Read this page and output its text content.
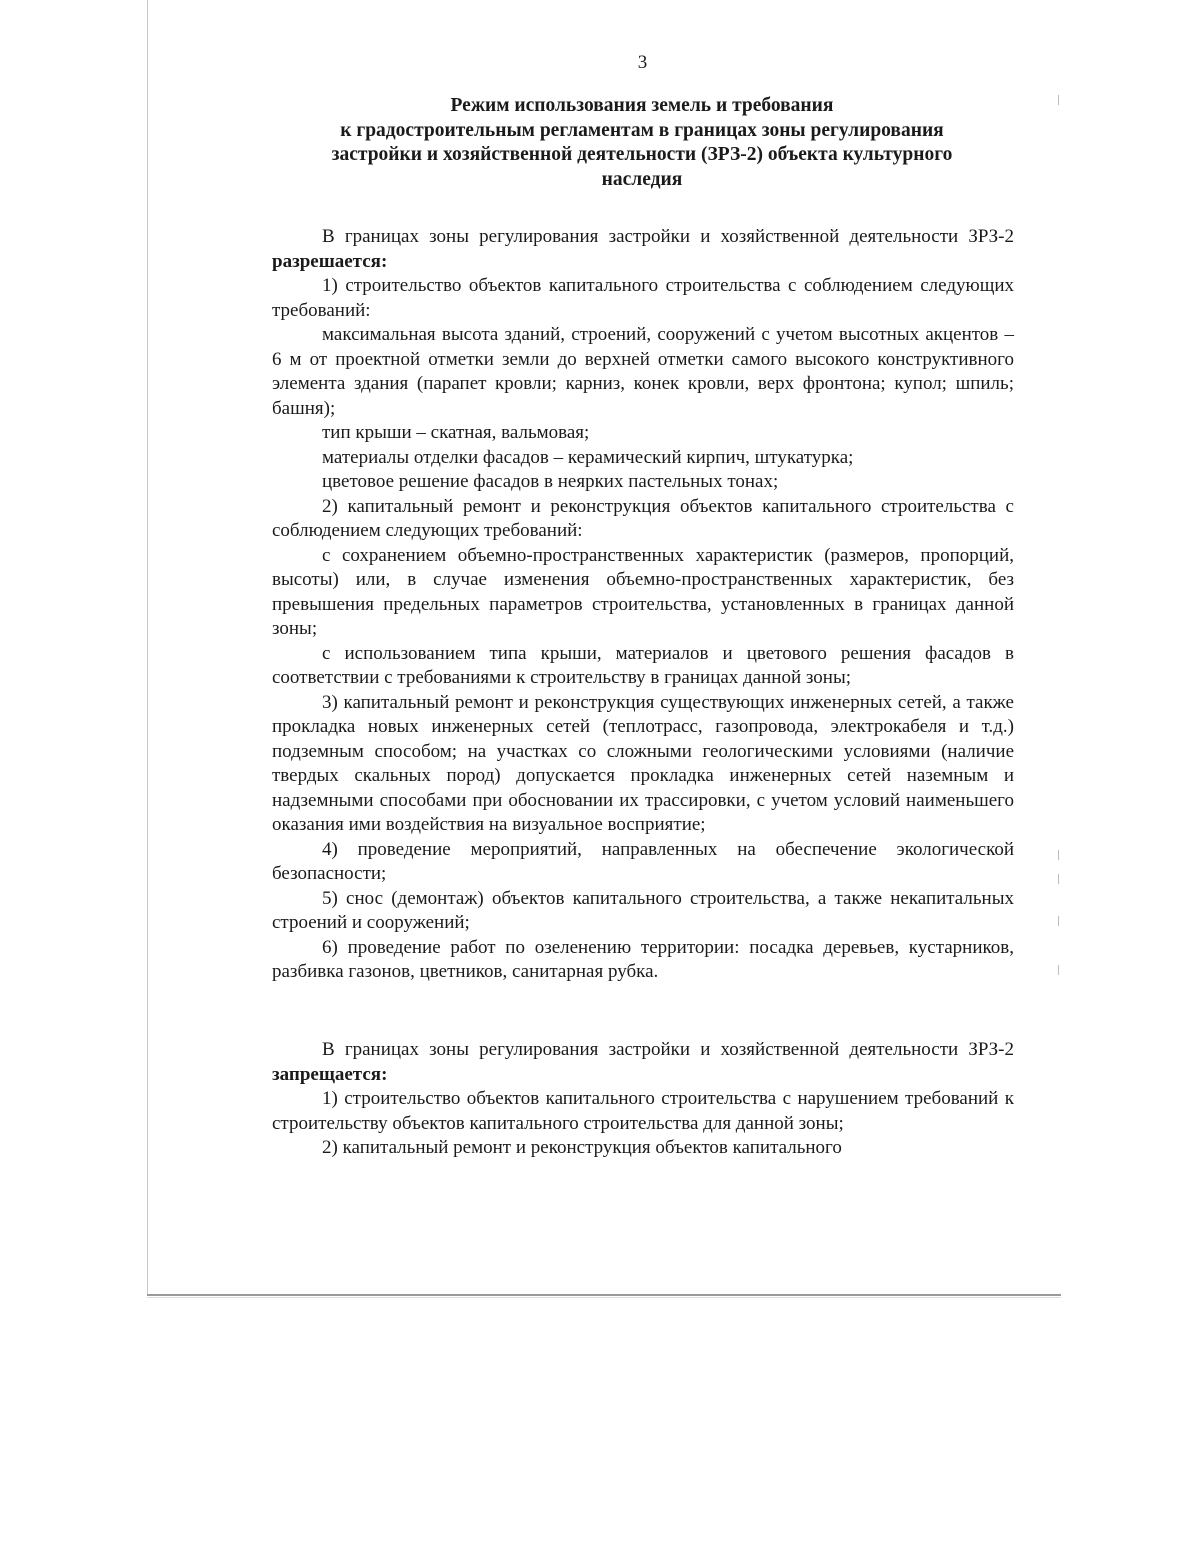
3
Режим использования земель и требования
к градостроительным регламентам в границах зоны регулирования
застройки и хозяйственной деятельности (ЗРЗ-2) объекта культурного
наследия

В границах зоны регулирования застройки и хозяйственной деятельности ЗРЗ-2 разрешается:

1) строительство объектов капитального строительства с соблюдением следующих требований:

максимальная высота зданий, строений, сооружений с учетом высотных акцентов – 6 м от проектной отметки земли до верхней отметки самого высокого конструктивного элемента здания (парапет кровли; карниз, конек кровли, верх фронтона; купол; шпиль; башня);

тип крыши – скатная, вальмовая;

материалы отделки фасадов – керамический кирпич, штукатурка;

цветовое решение фасадов в неярких пастельных тонах;

2) капитальный ремонт и реконструкция объектов капитального строительства с соблюдением следующих требований:

с сохранением объемно-пространственных характеристик (размеров, пропорций, высоты) или, в случае изменения объемно-пространственных характеристик, без превышения предельных параметров строительства, установленных в границах данной зоны;

с использованием типа крыши, материалов и цветового решения фасадов в соответствии с требованиями к строительству в границах данной зоны;

3) капитальный ремонт и реконструкция существующих инженерных сетей, а также прокладка новых инженерных сетей (теплотрасс, газопровода, электрокабеля и т.д.) подземным способом; на участках со сложными геологическими условиями (наличие твердых скальных пород) допускается прокладка инженерных сетей наземным и надземными способами при обосновании их трассировки, с учетом условий наименьшего оказания ими воздействия на визуальное восприятие;

4) проведение мероприятий, направленных на обеспечение экологической безопасности;

5) снос (демонтаж) объектов капитального строительства, а также некапитальных строений и сооружений;

6) проведение работ по озеленению территории: посадка деревьев, кустарников, разбивка газонов, цветников, санитарная рубка.

В границах зоны регулирования застройки и хозяйственной деятельности ЗРЗ-2 запрещается:

1) строительство объектов капитального строительства с нарушением требований к строительству объектов капитального строительства для данной зоны;

2) капитальный ремонт и реконструкция объектов капитального
